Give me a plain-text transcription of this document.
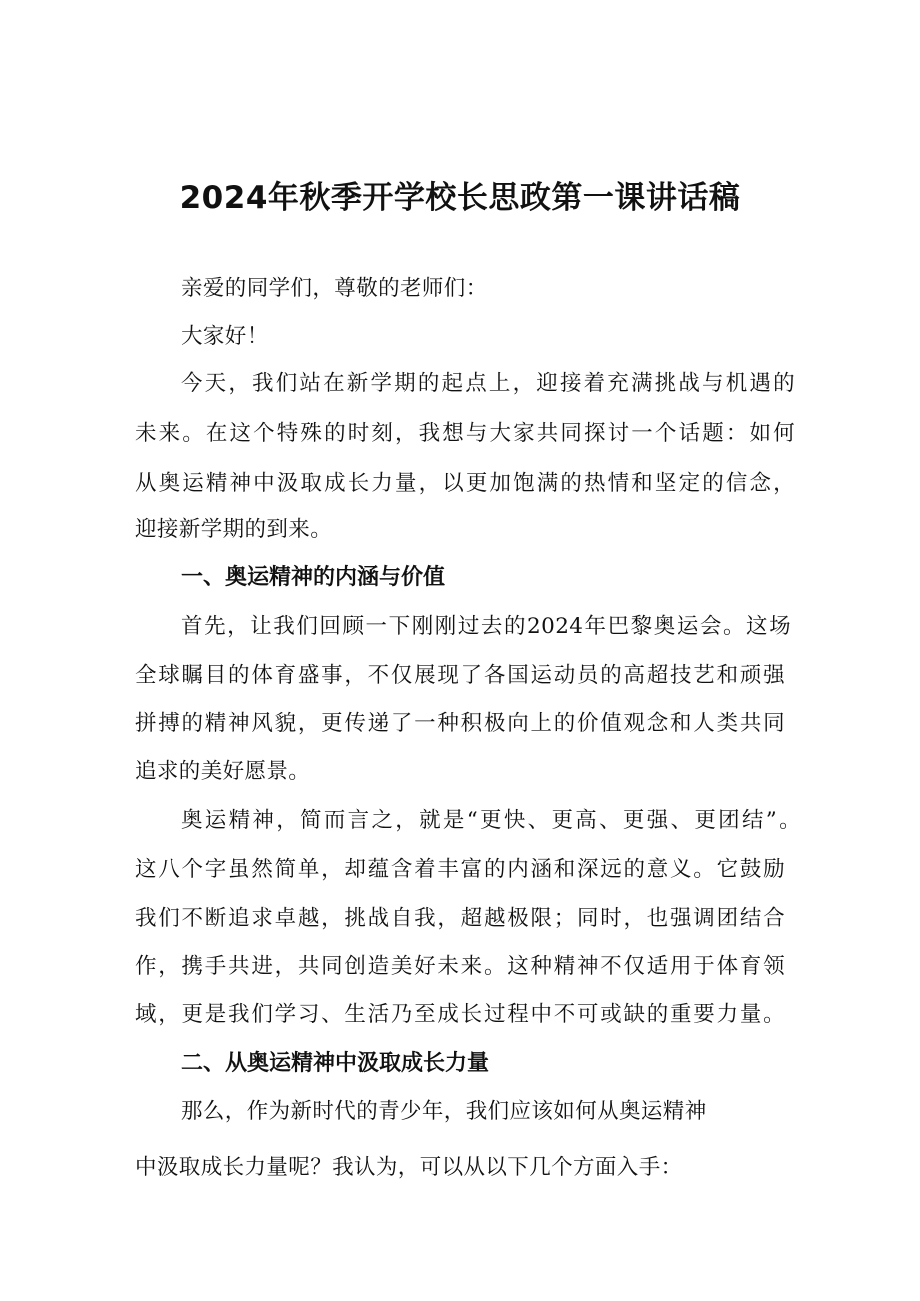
2024年秋季开学校长思政第一课讲话稿

亲爱的同学们，尊敬的老师们：

大家好！

今天，我们站在新学期的起点上，迎接着充满挑战与机遇的

未来。在这个特殊的时刻，我想与大家共同探讨一个话题：如何

从奥运精神中汲取成长力量，以更加饱满的热情和坚定的信念，

迎接新学期的到来。

一、奥运精神的内涵与价值

首先，让我们回顾一下刚刚过去的2024年巴黎奥运会。这场

全球瞩目的体育盛事，不仅展现了各国运动员的高超技艺和顽强

拼搏的精神风貌，更传递了一种积极向上的价值观念和人类共同

追求的美好愿景。

奥运精神，简而言之，就是“更快、更高、更强、更团结”。

这八个字虽然简单，却蕴含着丰富的内涵和深远的意义。它鼓励

我们不断追求卓越，挑战自我，超越极限；同时，也强调团结合

作，携手共进，共同创造美好未来。这种精神不仅适用于体育领

域，更是我们学习、生活乃至成长过程中不可或缺的重要力量。

二、从奥运精神中汲取成长力量

那么，作为新时代的青少年，我们应该如何从奥运精神

中汲取成长力量呢？我认为，可以从以下几个方面入手：
